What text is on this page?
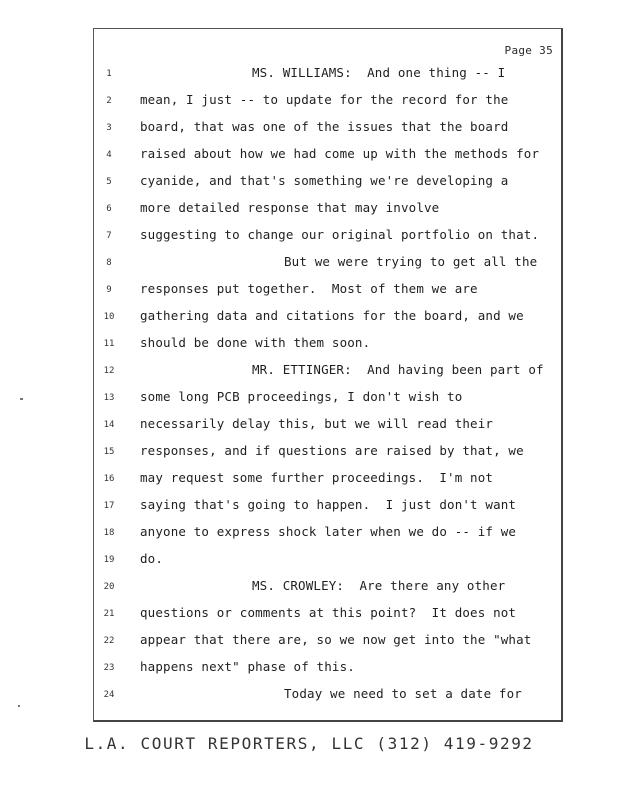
Page 35
1	MS. WILLIAMS:  And one thing -- I
2	mean, I just -- to update for the record for the
3	board, that was one of the issues that the board
4	raised about how we had come up with the methods for
5	cyanide, and that's something we're developing a
6	more detailed response that may involve
7	suggesting to change our original portfolio on that.
8	But we were trying to get all the
9	responses put together.  Most of them we are
10	gathering data and citations for the board, and we
11	should be done with them soon.
12	MR. ETTINGER:  And having been part of
13	some long PCB proceedings, I don't wish to
14	necessarily delay this, but we will read their
15	responses, and if questions are raised by that, we
16	may request some further proceedings.  I'm not
17	saying that's going to happen.  I just don't want
18	anyone to express shock later when we do -- if we
19	do.
20	MS. CROWLEY:  Are there any other
21	questions or comments at this point?  It does not
22	appear that there are, so we now get into the "what
23	happens next" phase of this.
24	Today we need to set a date for
L.A. COURT REPORTERS, LLC (312) 419-9292
